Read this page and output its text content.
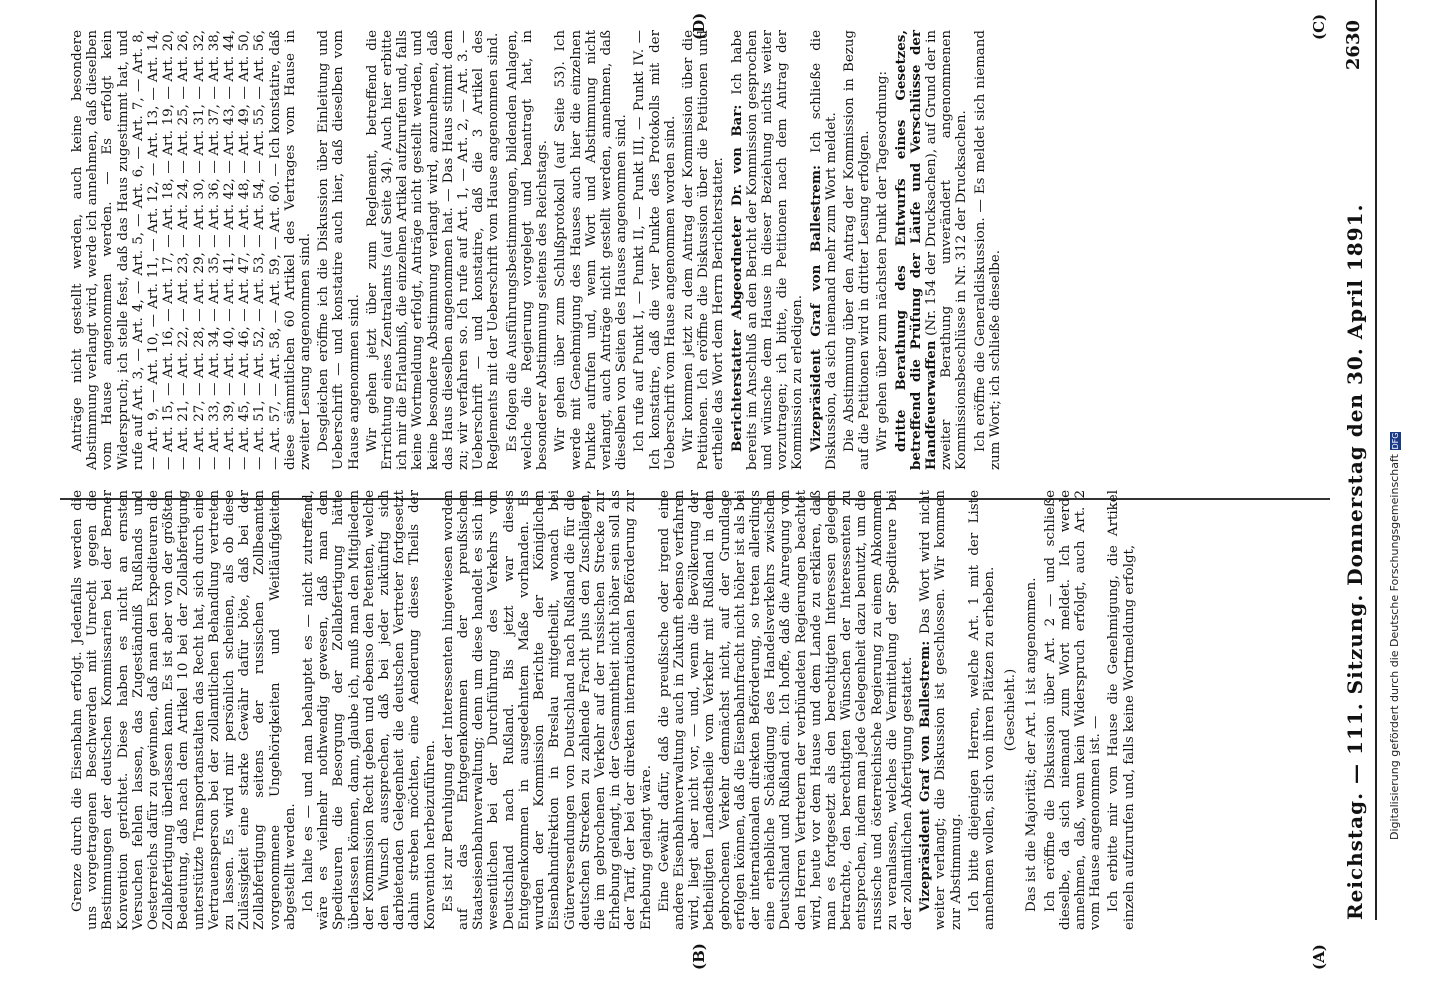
Reichstag. — 111. Sitzung. Donnerstag den 30. April 1891.
2630
(A)
(B)
(C)
(D)

Grenze durch die Eisenbahn erfolgt. Jedenfalls werden die uns vorgetragenen Beschwerden mit Unrecht gegen die Bestimmungen der deutschen Kommissarien bei der Berner Konvention gerichtet. Diese haben es nicht an ernsten Versuchen fehlen lassen, das Zugeständniß Rußlands und Oesterreichs dafür zu gewinnen, daß man den Expediteuren die Zollabfertigung überlassen kann. Es ist aber von der größten Bedeutung, daß nach dem Artikel 10 bei der Zollabfertigung unterstützte Transportanstalten das Recht hat, sich durch eine Vertrauensperson bei der zollamtlichen Behandlung vertreten zu lassen. Es wird mir persönlich scheinen, als ob diese Zulässigkeit eine starke Gewähr dafür böte, daß bei der Zollabfertigung seitens der russischen Zollbeamten vorgenommene Ungehörigkeiten und Weitläufigkeiten abgestellt werden. Ich halte es — und man behauptet es — nicht zutreffend, wäre es vielmehr nothwendig gewesen, daß man den Spediteuren die Besorgung der Zollabfertigung hätte überlassen können, dann, glaube ich, muß man den Mitgliedern der Kommission Recht geben und ebenso den Petenten, welche den Wunsch aussprechen, daß bei jeder zukünftig sich darbietenden Gelegenheit die deutschen Vertreter fortgesetzt dahin streben möchten, eine Aenderung dieses Theils der Konvention herbeizuführen. Es ist zur Beruhigung der Interessenten hingewiesen worden auf das Entgegenkommen der preußischen Staatseisenbahnverwaltung; denn um diese handelt es sich im wesentlichen bei der Durchführung des Verkehrs von Deutschland nach Rußland. Bis jetzt war dieses Entgegenkommen in ausgedehntem Maße vorhanden. Es wurden der Kommission Berichte der Königlichen Eisenbahndirektion in Breslau mitgetheilt, wonach bei Güterversendungen von Deutschland nach Rußland die für die deutschen Strecken zu zahlende Fracht plus den Zuschlägen, die im gebrochenen Verkehr auf der russischen Strecke zur Erhebung gelangt, in der Gesammtheit nicht höher sein soll als der Tarif, der bei der direkten internationalen Beförderung zur Erhebung gelangt wäre. Eine Gewähr dafür, daß die preußische oder irgend eine andere Eisenbahnverwaltung auch in Zukunft ebenso verfahren wird, liegt aber nicht vor, — und, wenn die Bevölkerung der betheiligten Landestheile vom Verkehr mit Rußland in dem gebrochenen Verkehr demnächst nicht, auf der Grundlage erfolgen können, daß die Eisenbahnfracht nicht höher ist als bei der internationalen direkten Beförderung, so treten allerdings eine erhebliche Schädigung des Handelsverkehrs zwischen Deutschland und Rußland ein. Ich hoffe, daß die Anregung von den Herren Vertretern der verbündeten Regierungen beachtet wird, heute vor dem Hause und dem Lande zu erklären, daß man es fortgesetzt als den berechtigten Interessen gelegen betrachte, den berechtigten Wünschen der Interessenten zu entsprechen, indem man jede Gelegenheit dazu benutzt, um die russische und österreichische Regierung zu einem Abkommen zu veranlassen, welches die Vermittelung der Spediteure bei der zollamtlichen Abfertigung gestattet. Vizepräsident Graf von Ballestrem: Das Wort wird nicht weiter verlangt; die Diskussion ist geschlossen. Wir kommen zur Abstimmung. Ich bitte diejenigen Herren, welche Art. 1 mit der Liste annehmen wollen, sich von ihren Plätzen zu erheben. (Geschieht.) Das ist die Majorität; der Art. 1 ist angenommen. Ich eröffne die Diskussion über Art. 2 — und schließe dieselbe, da sich niemand zum Wort meldet. Ich werde annehmen, daß, wenn kein Widerspruch erfolgt, auch Art. 2 vom Hause angenommen ist. — Ich erbitte mir vom Hause die Genehmigung, die Artikel einzeln aufzurufen und, falls keine Wortmeldung erfolgt,

Anträge nicht gestellt werden, auch keine besondere Abstimmung verlangt wird, werde ich annehmen, daß dieselben vom Hause angenommen werden. — Es erfolgt kein Widerspruch; ich stelle fest, daß das Haus zugestimmt hat, und rufe auf Art. 3, — Art. 4, — Art. 5, — Art. 6, — Art. 7, — Art. 8, — Art. 9, — Art. 10, — Art. 11, — Art. 12, — Art. 13, — Art. 14, — Art. 15, — Art. 16, — Art. 17, — Art. 18, — Art. 19, — Art. 20, — Art. 21, — Art. 22, — Art. 23, — Art. 24, — Art. 25, — Art. 26, — Art. 27, — Art. 28, — Art. 29, — Art. 30, — Art. 31, — Art. 32, — Art. 33, — Art. 34, — Art. 35, — Art. 36, — Art. 37, — Art. 38, — Art. 39, — Art. 40, — Art. 41, — Art. 42, — Art. 43, — Art. 44, — Art. 45, — Art. 46, — Art. 47, — Art. 48, — Art. 49, — Art. 50, — Art. 51, — Art. 52, — Art. 53, — Art. 54, — Art. 55, — Art. 56, — Art. 57, — Art. 58, — Art. 59, — Art. 60. — Ich konstatire, daß diese sämmtlichen 60 Artikel des Vertrages vom Hause in zweiter Lesung angenommen sind. Desgleichen eröffne ich die Diskussion über Einleitung und Ueberschrift — und konstatire auch hier, daß dieselben vom Hause angenommen sind. Wir gehen jetzt über zum Reglement, betreffend die Errichtung eines Zentralamts (auf Seite 34). Auch hier erbitte ich mir die Erlaubniß, die einzelnen Artikel aufzurufen und, falls keine Wortmeldung erfolgt, Anträge nicht gestellt werden, und keine besondere Abstimmung verlangt wird, anzunehmen, daß das Haus dieselben angenommen hat. — Das Haus stimmt dem zu; wir verfahren so. Ich rufe auf Art. 1, — Art. 2, — Art. 3. — Ueberschrift — und konstatire, daß die 3 Artikel des Reglements mit der Ueberschrift vom Hause angenommen sind. Es folgen die Ausführungsbestimmungen, bildenden Anlagen, welche die Regierung vorgelegt und beantragt hat, in besonderer Abstimmung seitens des Reichstags. Wir gehen über zum Schlußprotokoll (auf Seite 53). Ich werde mit Genehmigung des Hauses auch hier die einzelnen Punkte aufrufen und, wenn Wort und Abstimmung nicht verlangt, auch Anträge nicht gestellt werden, annehmen, daß dieselben von Seiten des Hauses angenommen sind. Ich rufe auf Punkt I, — Punkt II, — Punkt III, — Punkt IV. — Ich konstatire, daß die vier Punkte des Protokolls mit der Ueberschrift vom Hause angenommen worden sind. Wir kommen jetzt zu dem Antrag der Kommission über die Petitionen. Ich eröffne die Diskussion über die Petitionen und ertheile das Wort dem Herrn Berichterstatter. Berichterstatter Abgeordneter Dr. von Bar: Ich habe bereits im Anschluß an den Bericht der Kommission gesprochen und wünsche dem Hause in dieser Beziehung nichts weiter vorzutragen; ich bitte, die Petitionen nach dem Antrag der Kommission zu erledigen. Vizepräsident Graf von Ballestrem: Ich schließe die Diskussion, da sich niemand mehr zum Wort meldet. Die Abstimmung über den Antrag der Kommission in Bezug auf die Petitionen wird in dritter Lesung erfolgen. Wir gehen über zum nächsten Punkt der Tagesordnung: dritte Berathung des Entwurfs eines Gesetzes, betreffend die Prüfung der Läufe und Verschlüsse der Handfeuerwaffen (Nr. 154 der Drucksachen), auf Grund der in zweiter Berathung unverändert angenommenen Kommissionsbeschlüsse in Nr. 312 der Drucksachen. Ich eröffne die Generaldiskussion. — Es meldet sich niemand zum Wort; ich schließe dieselbe.

Digitalisierung gefördert durch die Deutsche ForschungsgemeinschaftDFG
